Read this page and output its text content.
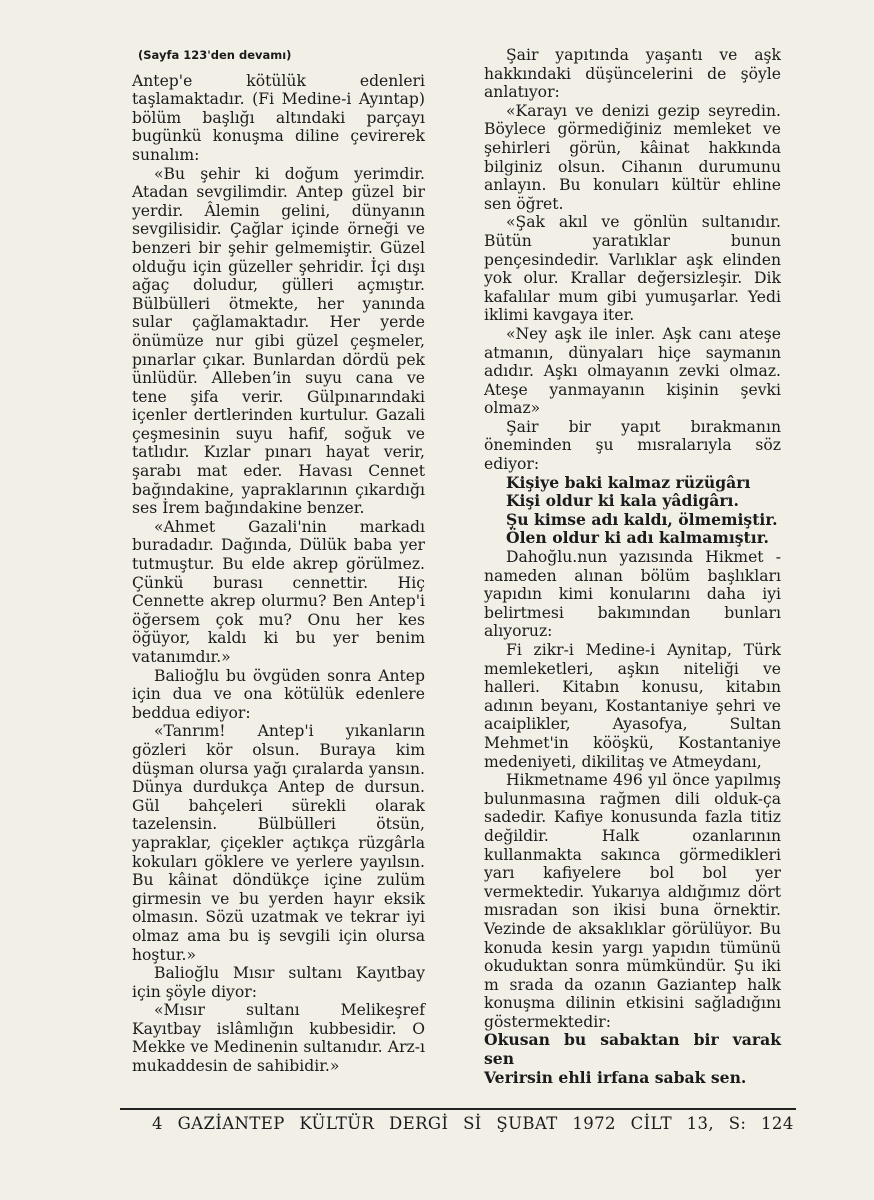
(Sayfa 123'den devamı)

Antep'e kötülük edenleri taşlamaktadır. (Fi Medine-i Ayıntap) bölüm başlığı altındaki parçayı bugünkü konuşma diline çevirerek sunalım:

«Bu şehir ki doğum yerimdir. Atadan sevgilimdir. Antep güzel bir yerdir. Âlemin gelini, dünyanın sevgilisidir. Çağlar içinde örneği ve benzeri bir şehir gelmemiştir. Güzel olduğu için güzeller şehridir. İçi dışı ağaç doludur, gülleri açmıştır. Bülbülleri ötmekte, her yanında sular çağlamaktadır. Her yerde önümüze nur gibi güzel çeşmeler, pınarlar çıkar. Bunlardan dördü pek ünlüdür. Allebenʼin suyu cana ve tene şifa verir. Gülpınarındaki içenler dertlerinden kurtulur. Gazali çeşmesinin suyu hafif, soğuk ve tatlıdır. Kızlar pınarı hayat verir, şarabı mat eder. Havası Cennet bağındakine, yapraklarının çıkardığı ses İrem bağındakine benzer.

«Ahmet Gazali'nin markadı buradadır. Dağında, Dülük baba yer tutmuştur. Bu elde akrep görülmez. Çünkü burası cennettir. Hiç Cennette akrep olurmu? Ben Antep'i öğersem çok mu? Onu her kes öğüyor, kaldı ki bu yer benim vatanımdır.»

Balioğlu bu övgüden sonra Antep için dua ve ona kötülük edenlere beddua ediyor:

«Tanrım! Antep'i yıkanların gözleri kör olsun. Buraya kim düşman olursa yağı çıralarda yansın. Dünya durdukça Antep de dursun. Gül bahçeleri sürekli olarak tazelensin. Bülbülleri ötsün, yapraklar, çiçekler açtıkça rüzgârla kokuları göklere ve yerlere yayılsın. Bu kâinat döndükçe içine zulüm girmesin ve bu yerden hayır eksik olmasın. Sözü uzatmak ve tekrar iyi olmaz ama bu iş sevgili için olursa hoştur.»

Balioğlu Mısır sultanı Kayıtbay için şöyle diyor:

«Mısır sultanı Melikeşref Kayıtbay islâmlığın kubbesidir. O Mekke ve Medinenin sultanıdır. Arz-ı mukaddesin de sahibidir.»

Şair yapıtında yaşantı ve aşk hakkındaki düşüncelerini de şöyle anlatıyor:

«Karayı ve denizi gezip seyredin. Böylece görmediğiniz memleket ve şehirleri görün, kâinat hakkında bilginiz olsun. Cihanın durumunu anlayın. Bu konuları kültür ehline sen öğret.

«Şak akıl ve gönlün sultanıdır. Bütün yaratıklar bunun pençesindedir. Varlıklar aşk elinden yok olur. Krallar değersizleşir. Dik kafalılar mum gibi yumuşarlar. Yedi iklimi kavgaya iter.

«Ney aşk ile inler. Aşk canı ateşe atmanın, dünyaları hiçe saymanın adıdır. Aşkı olmayanın zevki olmaz. Ateşe yanmayanın kişinin şevki olmaz»

Şair bir yapıt bırakmanın öneminden şu mısralarıyla söz ediyor:

Kişiye baki kalmaz rüzügârı

Kişi oldur ki kala yâdigârı.

Şu kimse adı kaldı, ölmemiştir.

Ölen oldur ki adı kalmamıştır.

Dahoğlu.nun yazısında Hikmet - nameden alınan bölüm başlıkları yapıdın kimi konularını daha iyi belirtmesi bakımından bunları alıyoruz:

Fi zikr-i Medine-i Aynitap, Türk memleketleri, aşkın niteliği ve halleri. Kitabın konusu, kitabın adının beyanı, Kostantaniye şehri ve acaiplikler, Ayasofya, Sultan Mehmet'in kööşkü, Kostantaniye medeniyeti, dikilitaş ve Atmeydanı,

Hikmetname 496 yıl önce yapılmış bulunmasına rağmen dili olduk-ça sadedir. Kafiye konusunda fazla titiz değildir. Halk ozanlarının kullanmakta sakınca görmedikleri yarı kafiyelere bol bol yer vermektedir. Yukarıya aldığımız dört mısradan son ikisi buna örnektir. Vezinde de aksaklıklar görülüyor. Bu konuda kesin yargı yapıdın tümünü okuduktan sonra mümkündür. Şu iki m srada da ozanın Gaziantep halk konuşma dilinin etkisini sağladığını göstermektedir:

Okusan bu sabaktan bir varak sen

Verirsin ehli irfana sabak sen.

4 GAZİANTEP KÜLTÜR DERGİ Sİ ŞUBAT 1972 CİLT 13, S: 124
